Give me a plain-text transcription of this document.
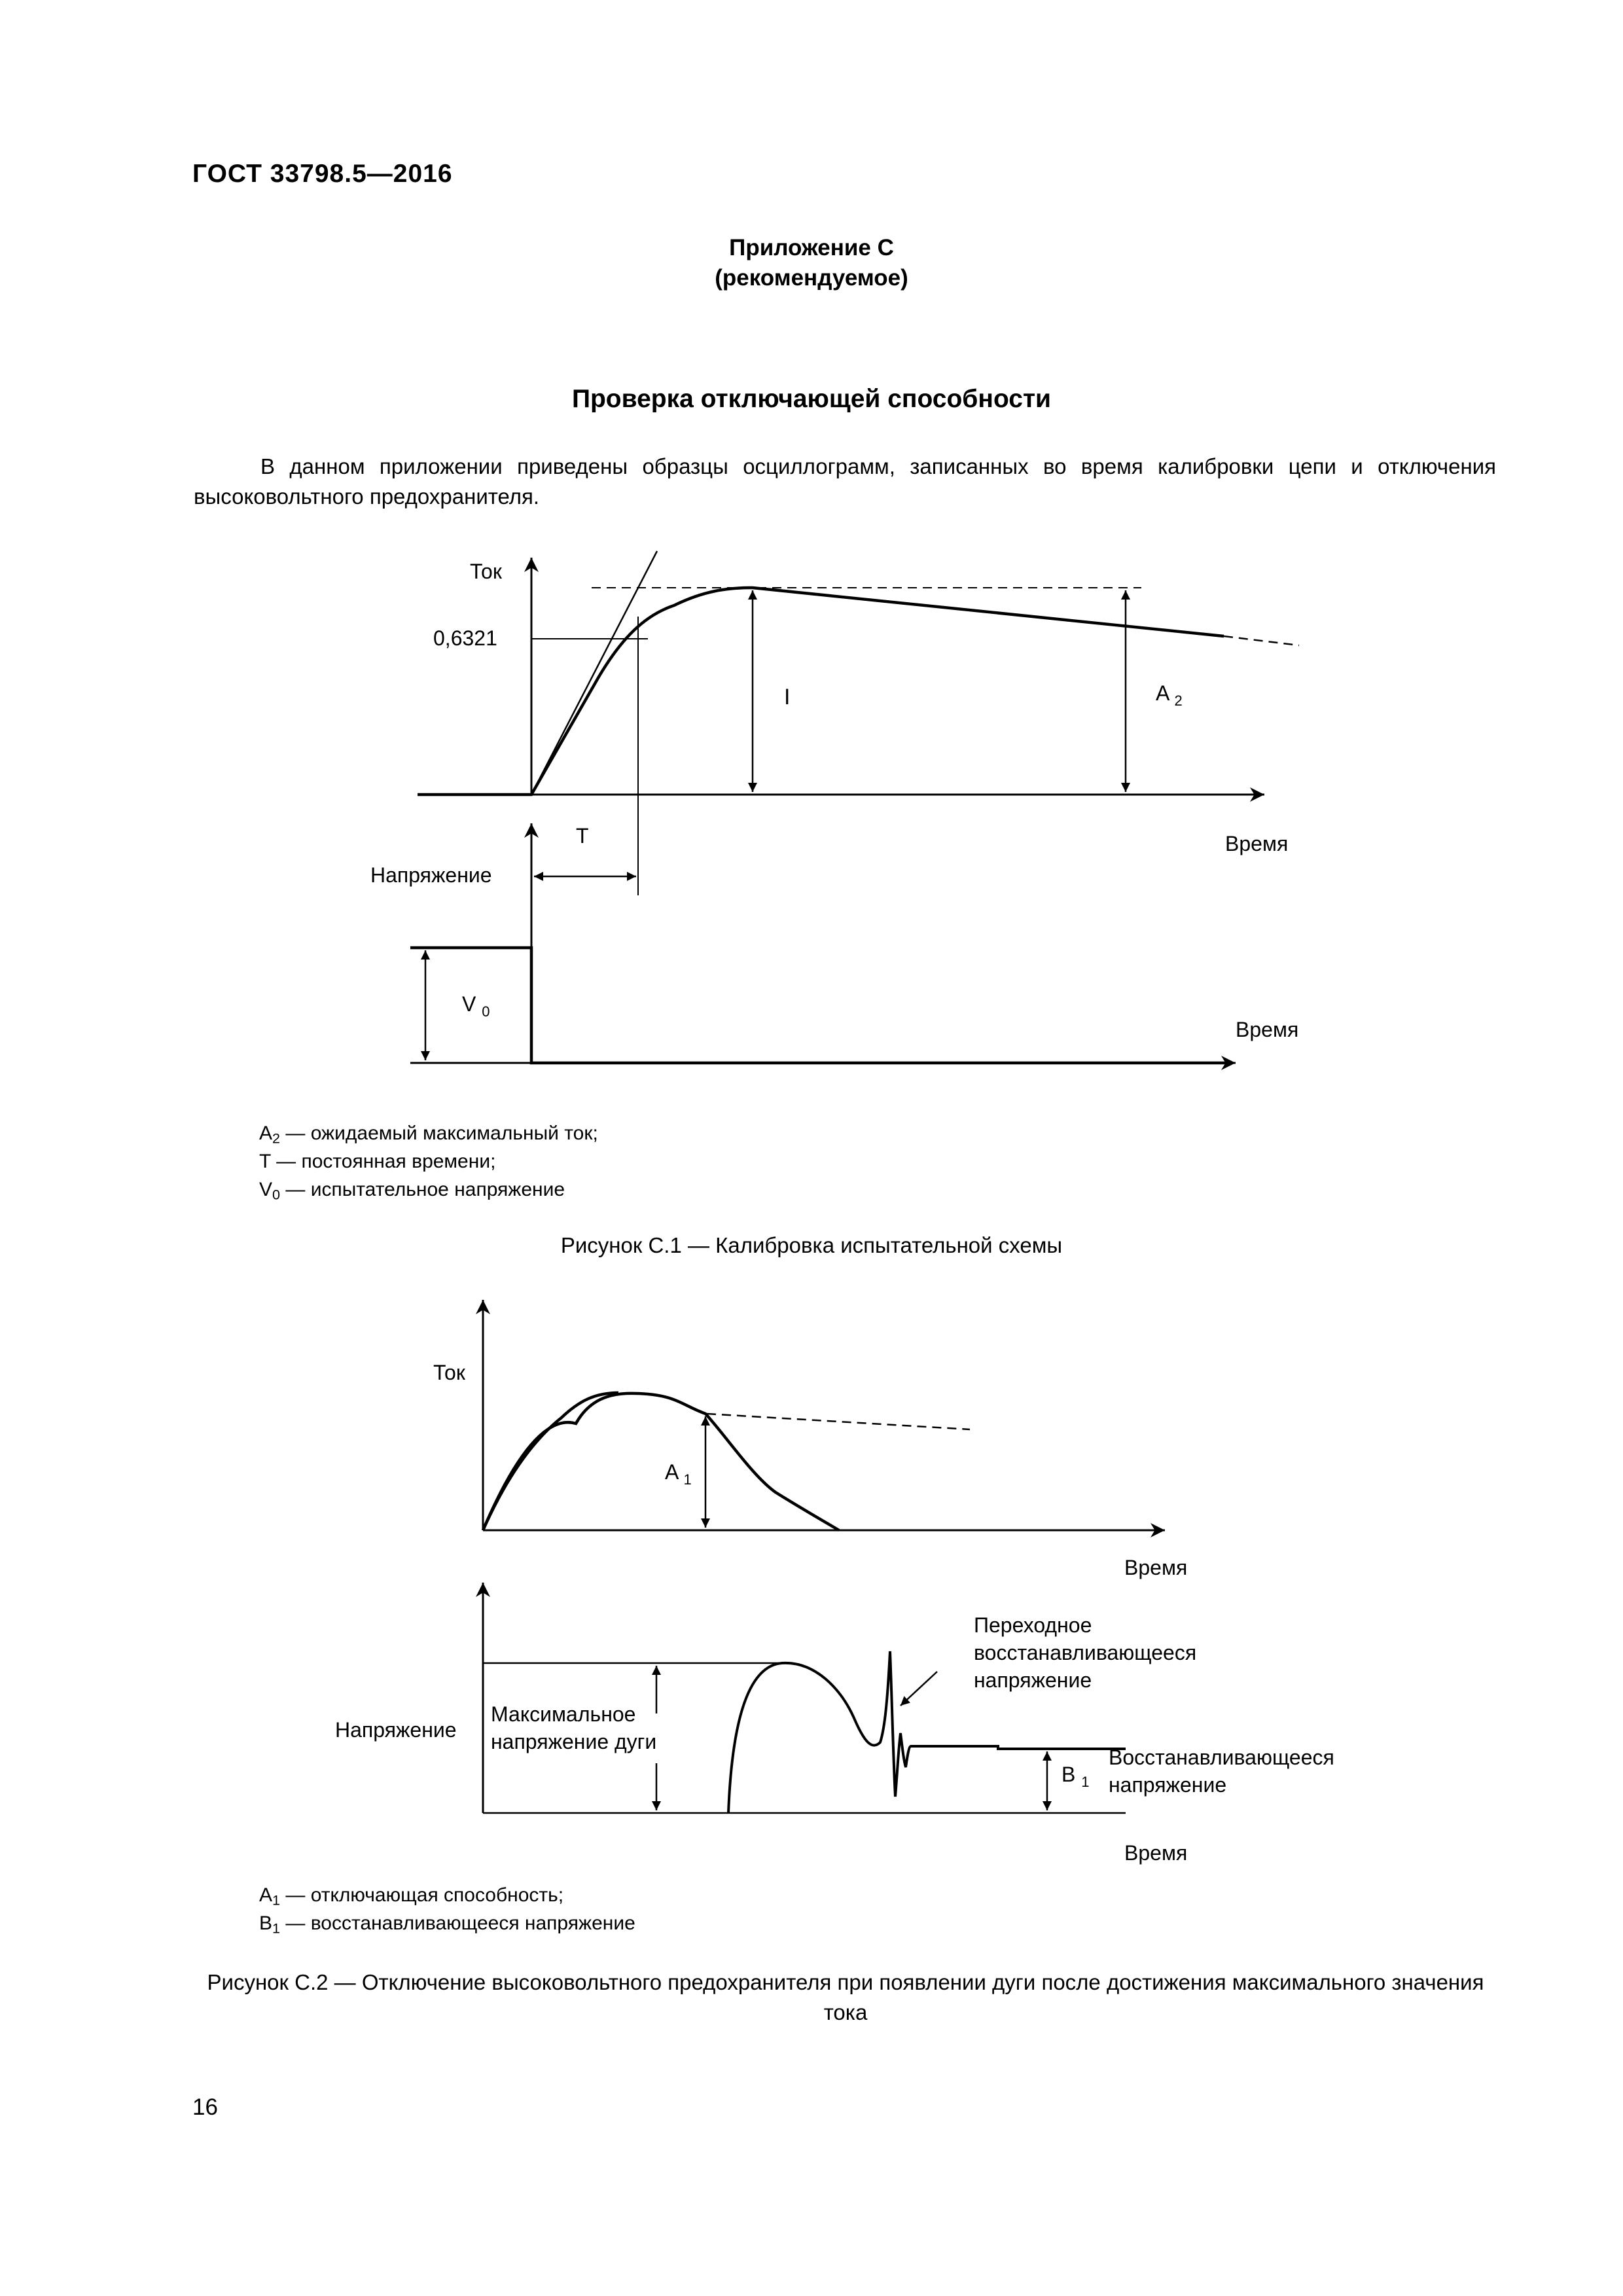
ГОСТ 33798.5—2016
Приложение С
(рекомендуемое)
Проверка отключающей способности
В данном приложении приведены образцы осциллограмм, записанных во время калибровки цепи и отключения высоковольтного предохранителя.
Ток
0,6321
I	A $_2$
Время
T
Напряжение
V $_0$
Время
Ток
A $_1$
Время
Переходное
восстанавливающееся
напряжение
Напряжение
Максимальное
напряжение дуги
B $_1$
Восстанавливающееся
напряжение
Время
$A_2$ — ожидаемый максимальный ток;
T — постоянная времени;
$V_0$ — испытательное напряжение
Рисунок С.1 — Калибровка испытательной схемы
$A_1$ — отключающая способность;
$B_1$ — восстанавливающееся напряжение
Рисунок С.2 — Отключение высоковольтного предохранителя при появлении дуги после достижения максимального значения тока
16
